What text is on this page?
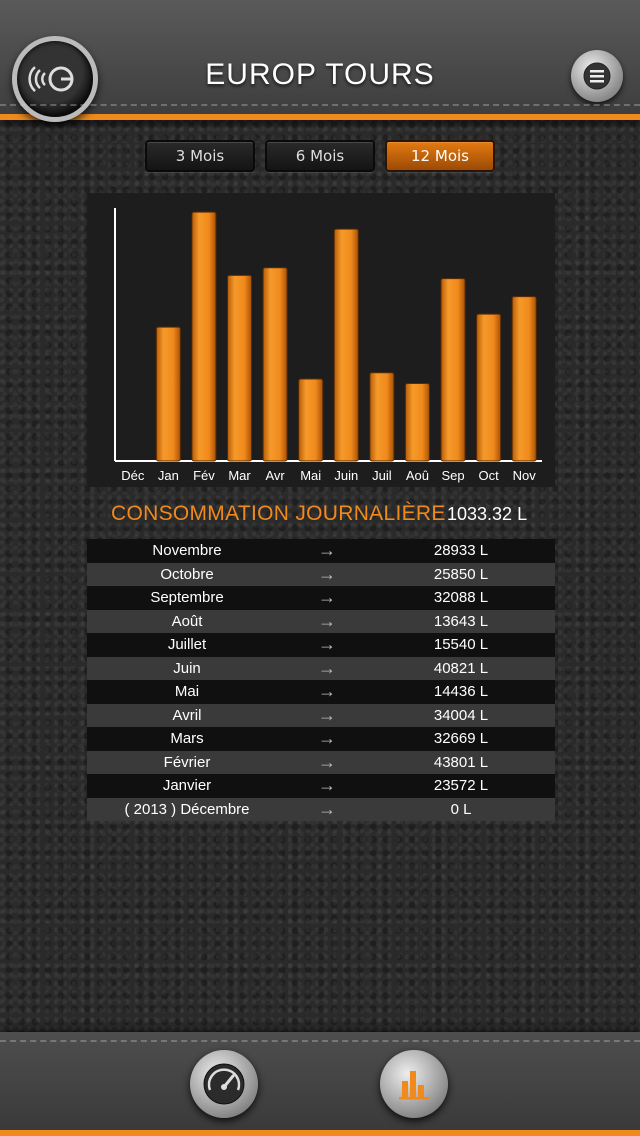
EUROP TOURS
3 Mois	6 Mois	12 Mois
Déc Jan Fév Mar Avr Mai Juin Juil Aoû Sep Oct Nov
CONSOMMATION JOURNALIÈRE 1033.32 L
Novembre	→	28933 L
Octobre	→	25850 L
Septembre	→	32088 L
Août	→	13643 L
Juillet	→	15540 L
Juin	→	40821 L
Mai	→	14436 L
Avril	→	34004 L
Mars	→	32669 L
Février	→	43801 L
Janvier	→	23572 L
( 2013 ) Décembre	→	0 L
